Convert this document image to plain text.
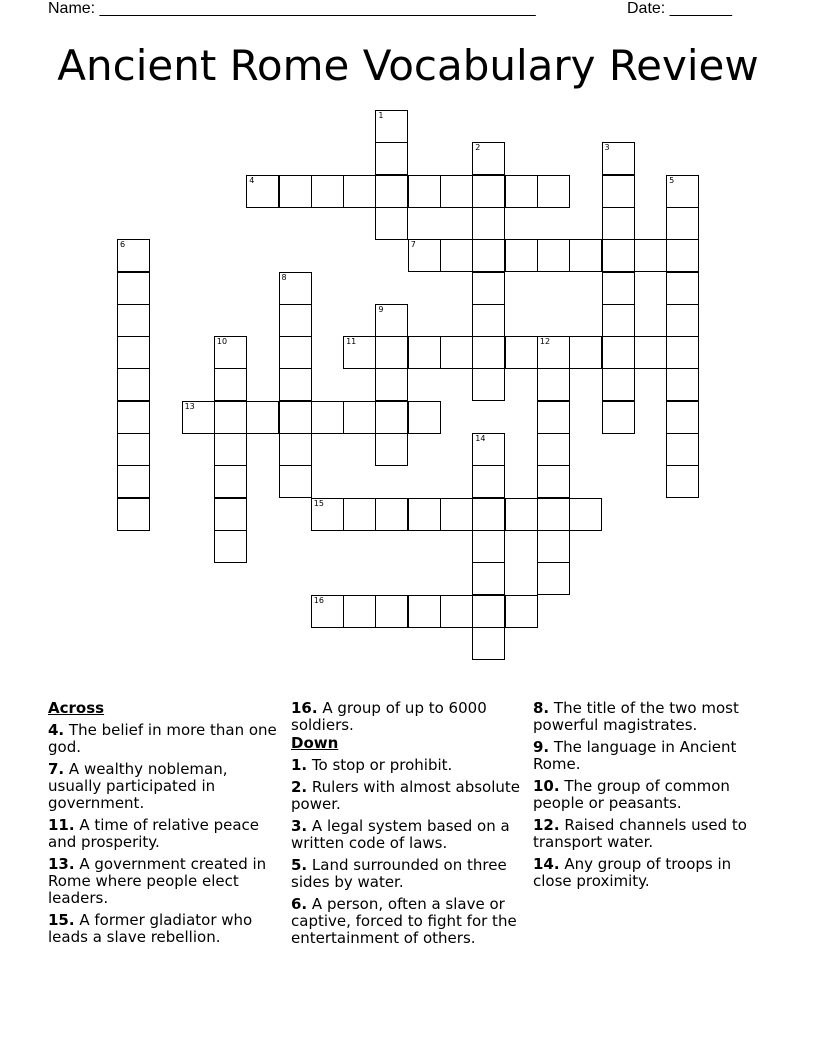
Name: _________________________________________________	Date: _______
Ancient Rome Vocabulary Review
1
2	3
4	5
6	7
8
9
10	11	12
13
14
15
16
Across
4. The belief in more than one god.
7. A wealthy nobleman, usually participated in government.
11. A time of relative peace and prosperity.
13. A government created in Rome where people elect leaders.
15. A former gladiator who leads a slave rebellion.
16. A group of up to 6000 soldiers.
Down
1. To stop or prohibit.
2. Rulers with almost absolute power.
3. A legal system based on a written code of laws.
5. Land surrounded on three sides by water.
6. A person, often a slave or captive, forced to fight for the entertainment of others.
8. The title of the two most powerful magistrates.
9. The language in Ancient Rome.
10. The group of common people or peasants.
12. Raised channels used to transport water.
14. Any group of troops in close proximity.
